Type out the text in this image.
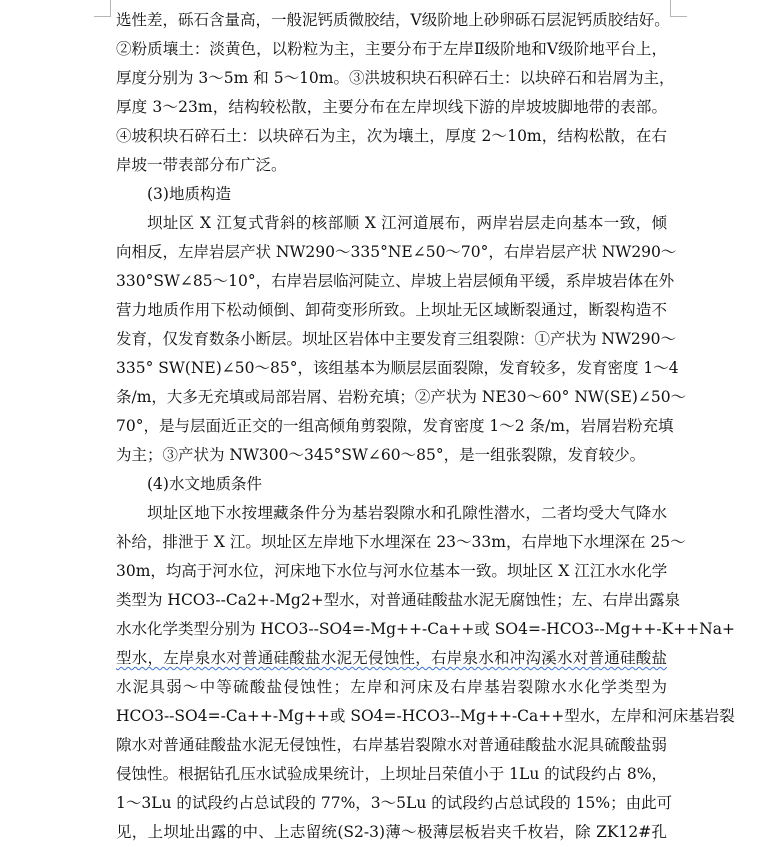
选性差，砾石含量高，一般泥钙质微胶结，Ⅴ级阶地上砂卵砾石层泥钙质胶结好。
②粉质壤土：淡黄色，以粉粒为主，主要分布于左岸Ⅱ级阶地和Ⅴ级阶地平台上，
厚度分别为 3～5m 和 5～10m。③洪坡积块石积碎石土：以块碎石和岩屑为主，
厚度 3～23m，结构较松散，主要分布在左岸坝线下游的岸坡坡脚地带的表部。
④坡积块石碎石土：以块碎石为主，次为壤土，厚度 2～10m，结构松散，在右
岸坡一带表部分布广泛。
(3)地质构造
坝址区 X 江复式背斜的核部顺 X 江河道展布，两岸岩层走向基本一致，倾
向相反，左岸岩层产状 NW290～335°NE∠50～70°，右岸岩层产状 NW290～
330°SW∠85～10°，右岸岩层临河陡立、岸坡上岩层倾角平缓，系岸坡岩体在外
营力地质作用下松动倾倒、卸荷变形所致。上坝址无区域断裂通过，断裂构造不
发育，仅发育数条小断层。坝址区岩体中主要发育三组裂隙：①产状为 NW290～
335° SW(NE)∠50～85°，该组基本为顺层层面裂隙，发育较多，发育密度 1～4
条/m，大多无充填或局部岩屑、岩粉充填；②产状为 NE30～60° NW(SE)∠50～
70°，是与层面近正交的一组高倾角剪裂隙，发育密度 1～2 条/m，岩屑岩粉充填
为主；③产状为 NW300～345°SW∠60～85°，是一组张裂隙，发育较少。
(4)水文地质条件
坝址区地下水按埋藏条件分为基岩裂隙水和孔隙性潜水，二者均受大气降水
补给，排泄于 X 江。坝址区左岸地下水埋深在 23～33m，右岸地下水埋深在 25～
30m，均高于河水位，河床地下水位与河水位基本一致。坝址区 X 江江水水化学
类型为 HCO3--Ca2+-Mg2+型水，对普通硅酸盐水泥无腐蚀性；左、右岸出露泉
水水化学类型分别为 HCO3--SO4=-Mg++-Ca++或 SO4=-HCO3--Mg++-K++Na+
型水，左岸泉水对普通硅酸盐水泥无侵蚀性，右岸泉水和冲沟溪水对普通硅酸盐
水泥具弱～中等硫酸盐侵蚀性；左岸和河床及右岸基岩裂隙水水化学类型为
HCO3--SO4=-Ca++-Mg++或 SO4=-HCO3--Mg++-Ca++型水，左岸和河床基岩裂
隙水对普通硅酸盐水泥无侵蚀性，右岸基岩裂隙水对普通硅酸盐水泥具硫酸盐弱
侵蚀性。根据钻孔压水试验成果统计，上坝址吕荣值小于 1Lu 的试段约占 8%，
1～3Lu 的试段约占总试段的 77%，3～5Lu 的试段约占总试段的 15%；由此可
见，上坝址出露的中、上志留统(S2-3)薄～极薄层板岩夹千枚岩，除 ZK12#孔
